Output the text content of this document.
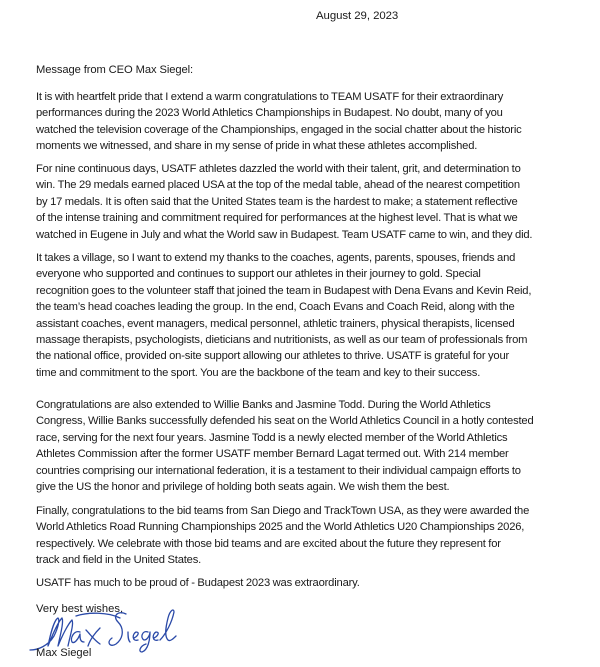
August 29, 2023
Message from CEO Max Siegel:

It is with heartfelt pride that I extend a warm congratulations to TEAM USATF for their extraordinary
performances during the 2023 World Athletics Championships in Budapest. No doubt, many of you
watched the television coverage of the Championships, engaged in the social chatter about the historic
moments we witnessed, and share in my sense of pride in what these athletes accomplished.

For nine continuous days, USATF athletes dazzled the world with their talent, grit, and determination to
win. The 29 medals earned placed USA at the top of the medal table, ahead of the nearest competition
by 17 medals. It is often said that the United States team is the hardest to make; a statement reflective
of the intense training and commitment required for performances at the highest level. That is what we
watched in Eugene in July and what the World saw in Budapest. Team USATF came to win, and they did.

It takes a village, so I want to extend my thanks to the coaches, agents, parents, spouses, friends and
everyone who supported and continues to support our athletes in their journey to gold. Special
recognition goes to the volunteer staff that joined the team in Budapest with Dena Evans and Kevin Reid,
the team’s head coaches leading the group. In the end, Coach Evans and Coach Reid, along with the
assistant coaches, event managers, medical personnel, athletic trainers, physical therapists, licensed
massage therapists, psychologists, dieticians and nutritionists, as well as our team of professionals from
the national office, provided on-site support allowing our athletes to thrive. USATF is grateful for your
time and commitment to the sport. You are the backbone of the team and key to their success.

Congratulations are also extended to Willie Banks and Jasmine Todd. During the World Athletics
Congress, Willie Banks successfully defended his seat on the World Athletics Council in a hotly contested
race, serving for the next four years. Jasmine Todd is a newly elected member of the World Athletics
Athletes Commission after the former USATF member Bernard Lagat termed out. With 214 member
countries comprising our international federation, it is a testament to their individual campaign efforts to
give the US the honor and privilege of holding both seats again. We wish them the best.

Finally, congratulations to the bid teams from San Diego and TrackTown USA, as they were awarded the
World Athletics Road Running Championships 2025 and the World Athletics U20 Championships 2026,
respectively. We celebrate with those bid teams and are excited about the future they represent for
track and field in the United States.

USATF has much to be proud of - Budapest 2023 was extraordinary.

Very best wishes,
Max Siegel
